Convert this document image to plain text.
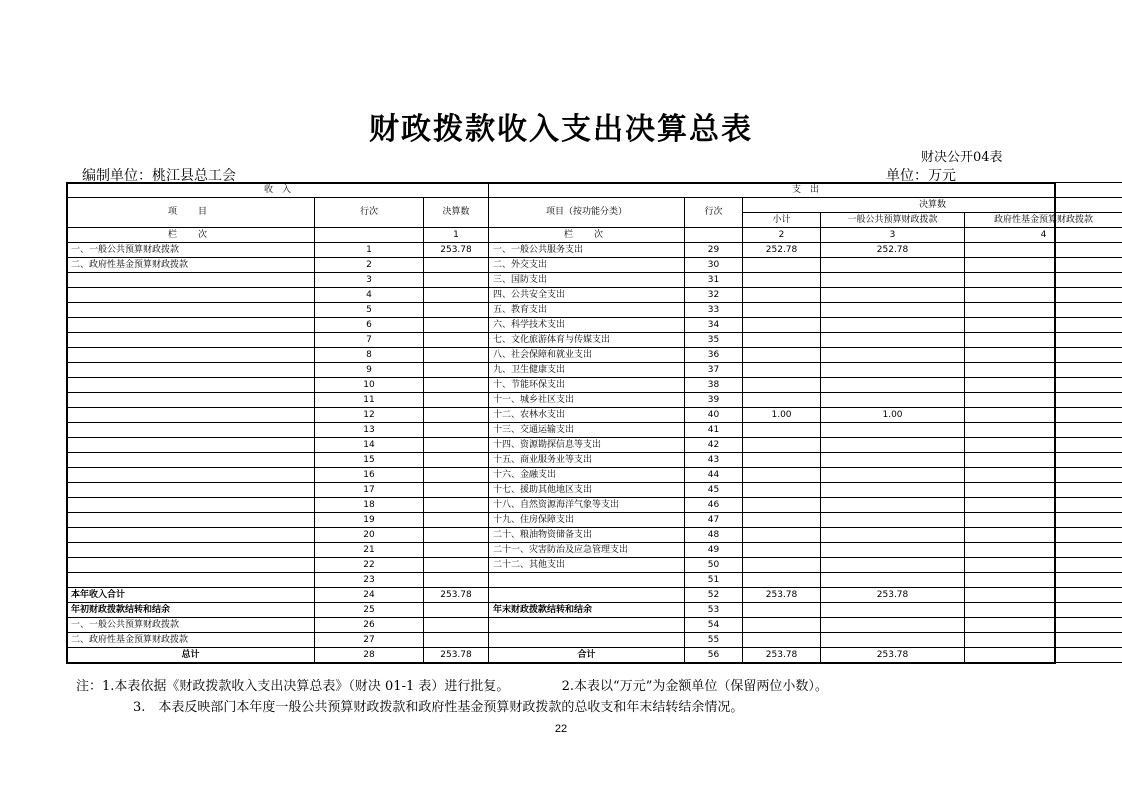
财政拨款收入支出决算总表
财决公开04表
编制单位：桃江县总工会	单位：万元
收　入			支　出				
项　目	行次	决算数	项目（按功能分类）	行次	决算数		
					小计	一般公共预算财政拨款	政府性基金预算财政拨款
栏　次		1	栏　次		2	3	4
一、一般公共预算财政拨款	1	253.78	一、一般公共服务支出	29	252.78	252.78	
二、政府性基金预算财政拨款	2		二、外交支出	30			
	3		三、国防支出	31			
	4		四、公共安全支出	32			
	5		五、教育支出	33			
	6		六、科学技术支出	34			
	7		七、文化旅游体育与传媒支出	35			
	8		八、社会保障和就业支出	36			
	9		九、卫生健康支出	37			
	10		十、节能环保支出	38			
	11		十一、城乡社区支出	39			
	12		十二、农林水支出	40	1.00	1.00	
	13		十三、交通运输支出	41			
	14		十四、资源勘探信息等支出	42			
	15		十五、商业服务业等支出	43			
	16		十六、金融支出	44			
	17		十七、援助其他地区支出	45			
	18		十八、自然资源海洋气象等支出	46			
	19		十九、住房保障支出	47			
	20		二十、粮油物资储备支出	48			
	21		二十一、灾害防治及应急管理支出	49			
	22		二十二、其他支出	50			
	23			51			
本年收入合计	24	253.78		52	253.78	253.78	
年初财政拨款结转和结余	25		年末财政拨款结转和结余	53			
一、一般公共预算财政拨款	26			54			
二、政府性基金预算财政拨款	27			55			
总计	28	253.78	合计	56	253.78	253.78	
注：1.本表依据《财政拨款收入支出决算总表》（财决 01-1 表）进行批复。	2.本表以“万元”为金额单位（保留两位小数）。
3.　本表反映部门本年度一般公共预算财政拨款和政府性基金预算财政拨款的总收支和年末结转结余情况。
22
